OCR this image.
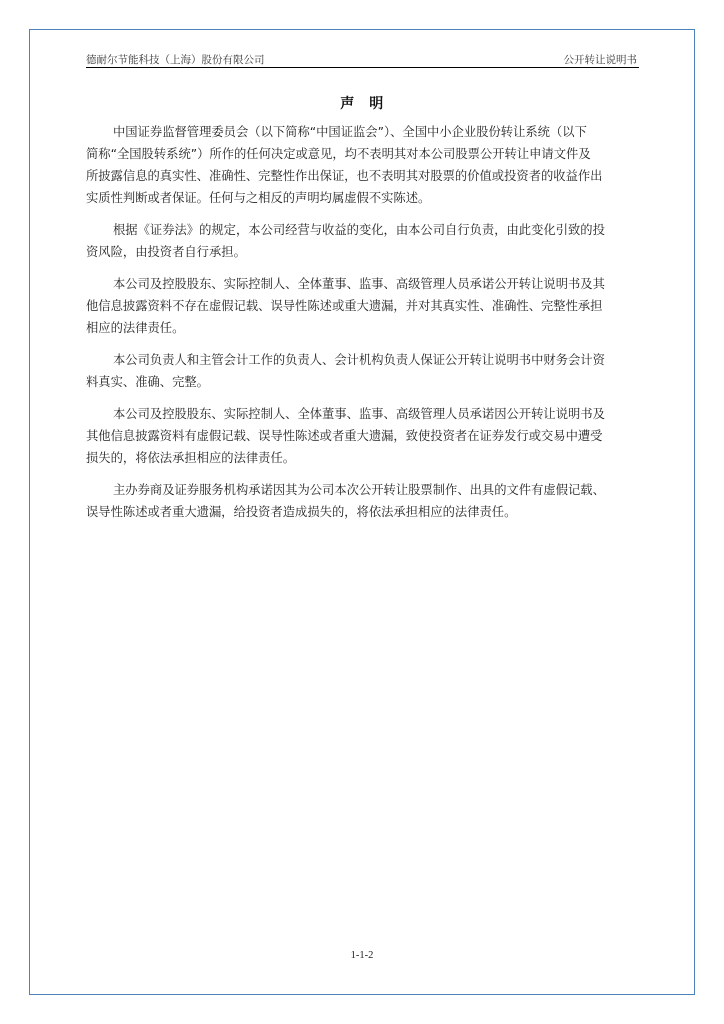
德耐尔节能科技（上海）股份有限公司	公开转让说明书
声　明
中国证券监督管理委员会（以下简称“中国证监会”）、全国中小企业股份转让系统（以下
简称“全国股转系统”）所作的任何决定或意见，均不表明其对本公司股票公开转让申请文件及
所披露信息的真实性、准确性、完整性作出保证，也不表明其对股票的价值或投资者的收益作出
实质性判断或者保证。任何与之相反的声明均属虚假不实陈述。
根据《证券法》的规定，本公司经营与收益的变化，由本公司自行负责，由此变化引致的投
资风险，由投资者自行承担。
本公司及控股股东、实际控制人、全体董事、监事、高级管理人员承诺公开转让说明书及其
他信息披露资料不存在虚假记载、误导性陈述或重大遗漏，并对其真实性、准确性、完整性承担
相应的法律责任。
本公司负责人和主管会计工作的负责人、会计机构负责人保证公开转让说明书中财务会计资
料真实、准确、完整。
本公司及控股股东、实际控制人、全体董事、监事、高级管理人员承诺因公开转让说明书及
其他信息披露资料有虚假记载、误导性陈述或者重大遗漏，致使投资者在证券发行或交易中遭受
损失的，将依法承担相应的法律责任。
主办券商及证券服务机构承诺因其为公司本次公开转让股票制作、出具的文件有虚假记载、
误导性陈述或者重大遗漏，给投资者造成损失的，将依法承担相应的法律责任。
1-1-2
